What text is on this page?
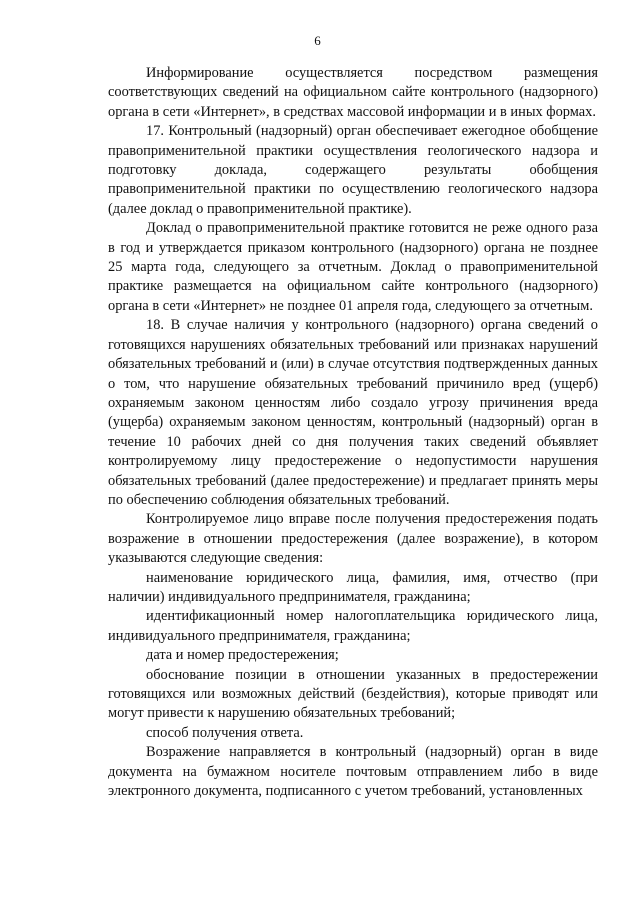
6

Информирование осуществляется посредством размещения соответствующих сведений на официальном сайте контрольного (надзорного) органа в сети «Интернет», в средствах массовой информации и в иных формах.

17. Контрольный (надзорный) орган обеспечивает ежегодное обобщение правоприменительной практики осуществления геологического надзора и подготовку доклада, содержащего результаты обобщения правоприменительной практики по осуществлению геологического надзора (далее доклад о правоприменительной практике).

Доклад о правоприменительной практике готовится не реже одного раза в год и утверждается приказом контрольного (надзорного) органа не позднее 25 марта года, следующего за отчетным. Доклад о правоприменительной практике размещается на официальном сайте контрольного (надзорного) органа в сети «Интернет» не позднее 01 апреля года, следующего за отчетным.

18. В случае наличия у контрольного (надзорного) органа сведений о готовящихся нарушениях обязательных требований или признаках нарушений обязательных требований и (или) в случае отсутствия подтвержденных данных о том, что нарушение обязательных требований причинило вред (ущерб) охраняемым законом ценностям либо создало угрозу причинения вреда (ущерба) охраняемым законом ценностям, контрольный (надзорный) орган в течение 10 рабочих дней со дня получения таких сведений объявляет контролируемому лицу предостережение о недопустимости нарушения обязательных требований (далее предостережение) и предлагает принять меры по обеспечению соблюдения обязательных требований.

Контролируемое лицо вправе после получения предостережения подать возражение в отношении предостережения (далее возражение), в котором указываются следующие сведения:

наименование юридического лица, фамилия, имя, отчество (при наличии) индивидуального предпринимателя, гражданина;

идентификационный номер налогоплательщика юридического лица, индивидуального предпринимателя, гражданина;

дата и номер предостережения;

обоснование позиции в отношении указанных в предостережении готовящихся или возможных действий (бездействия), которые приводят или могут привести к нарушению обязательных требований;

способ получения ответа.

Возражение направляется в контрольный (надзорный) орган в виде документа на бумажном носителе почтовым отправлением либо в виде электронного документа, подписанного с учетом требований, установленных
